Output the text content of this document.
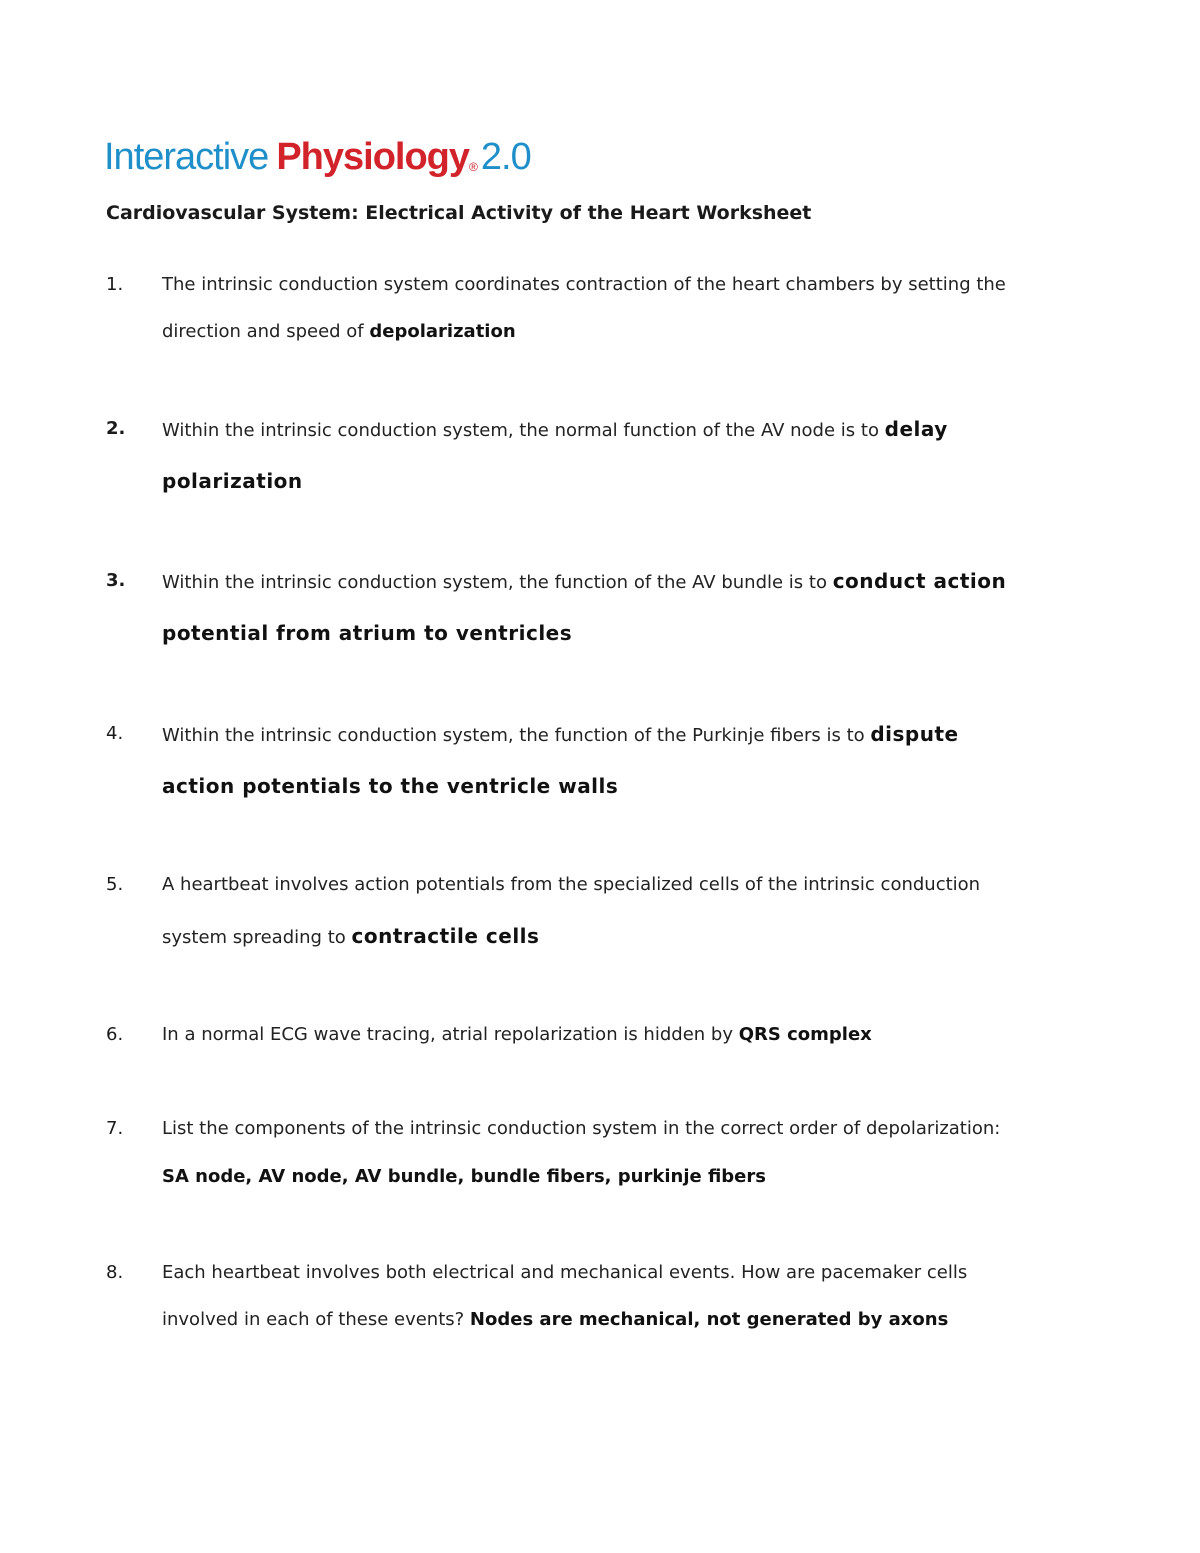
Interactive Physiology® 2.0
Cardiovascular System: Electrical Activity of the Heart Worksheet
1. The intrinsic conduction system coordinates contraction of the heart chambers by setting the
direction and speed of depolarization
2. Within the intrinsic conduction system, the normal function of the AV node is to delay
polarization
3. Within the intrinsic conduction system, the function of the AV bundle is to conduct action
potential from atrium to ventricles
4. Within the intrinsic conduction system, the function of the Purkinje fibers is to dispute
action potentials to the ventricle walls
5. A heartbeat involves action potentials from the specialized cells of the intrinsic conduction
system spreading to contractile cells
6. In a normal ECG wave tracing, atrial repolarization is hidden by QRS complex
7. List the components of the intrinsic conduction system in the correct order of depolarization:
SA node, AV node, AV bundle, bundle fibers, purkinje fibers
8. Each heartbeat involves both electrical and mechanical events. How are pacemaker cells
involved in each of these events? Nodes are mechanical, not generated by axons
